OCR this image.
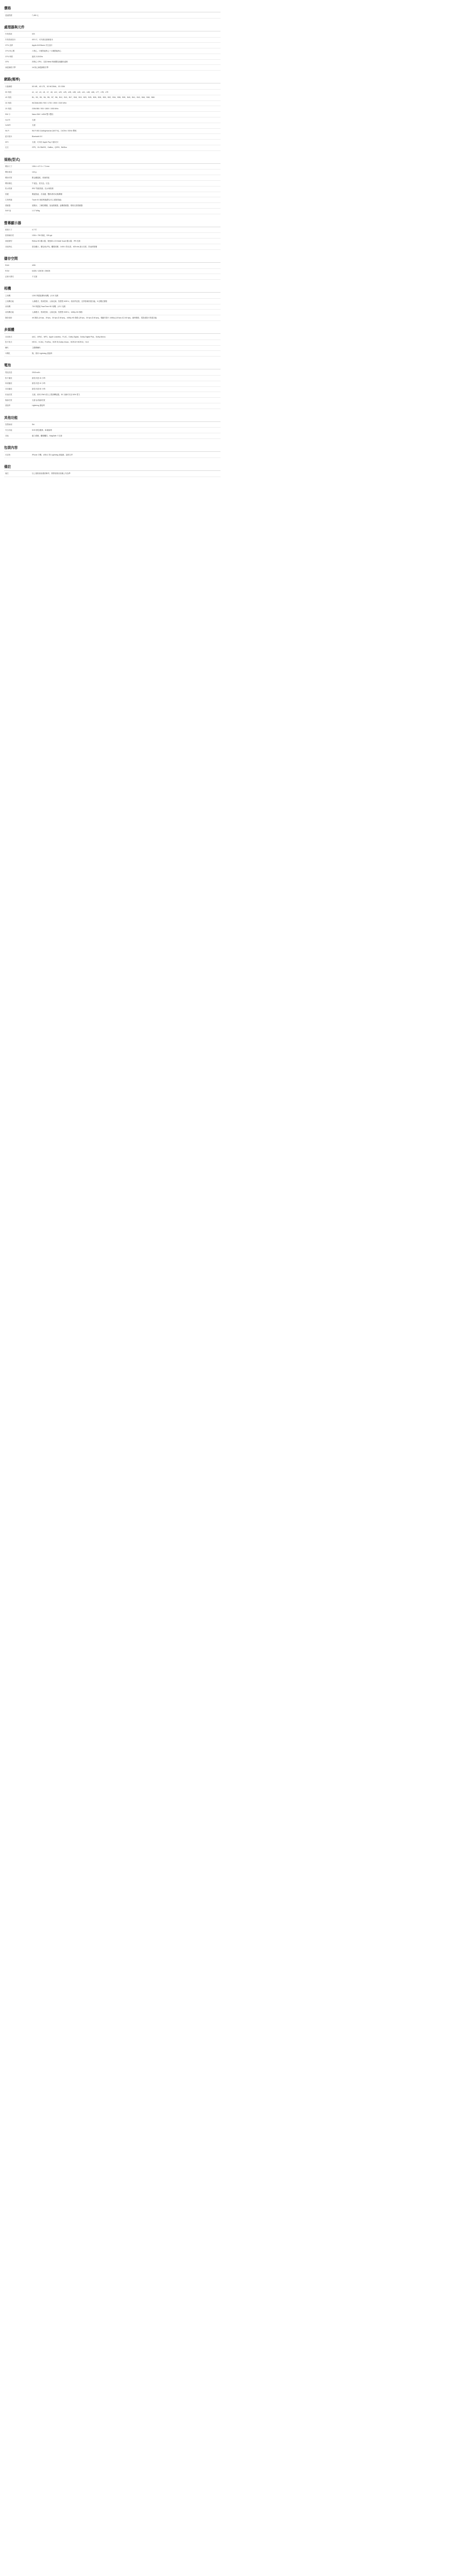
價格
建議售價	7,490 元
處理器與元件
作業系統	iOS
作業系統版本	iOS 17，可升級至最新版本
CPU 品牌	Apple A15 Bionic 仿生晶片
CPU 核心數	六核心，2 顆效能核心 + 4 顆節能核心
CPU 時脈	最高 3.23GHz
GPU	四核心 GPU，支援 Metal 與硬體加速圖形處理
神經網路引擎	16 核心神經網路引擎
網路(頻率)
行動網路	5G NR、4G LTE、3G WCDMA、2G GSM
5G 頻段	n1、n2、n3、n5、n7、n8、n12、n20、n25、n28、n38、n40、n41、n48、n66、n77、n78、n79
4G 頻段	B1、B2、B3、B4、B5、B7、B8、B12、B13、B17、B18、B19、B20、B25、B26、B28、B30、B32、B34、B38、B39、B40、B41、B42、B46、B48、B66
3G 頻段	WCDMA 850 / 900 / 1700 / 1900 / 2100 MHz
2G 頻段	GSM 850 / 900 / 1800 / 1900 MHz
SIM 卡	Nano-SIM + eSIM 雙卡雙待
VoLTE	支援
VoWiFi	支援
Wi-Fi	Wi-Fi 802.11a/b/g/n/ac/ax (Wi-Fi 6)，2.4GHz / 5GHz 雙頻
藍牙版本	Bluetooth 5.0
NFC	支援，可用於 Apple Pay 行動支付
定位	GPS、GLONASS、Galileo、QZSS、BeiDou
規格(型式)
機身尺寸	138.4 × 67.3 × 7.3 mm
機身重量	144 g
機身材質	鋁金屬邊框，玻璃背板
機身顏色	午夜色、星光色、紅色
防水防塵	IP67 等級防潑、抗水與防塵
按鍵	側邊按鈕、音量鍵、響鈴/靜音切換開關
生物辨識	Touch ID 指紋辨識(整合於主畫面按鈕)
感應器	氣壓計、三軸陀螺儀、加速感應器、距離感應器、環境光度感應器
SAR 值	1.17 W/kg
螢幕顯示器
螢幕尺寸	4.7 吋
螢幕解析度	1334 × 750 像素，326 ppi
面板類型	Retina HD 顯示器，寬螢幕 LCD Multi-Touch 顯示器，IPS 技術
其他特色	原彩顯示、廣色域 (P3)、觸覺回饋、1400:1 對比度、625 nits 最大亮度、防油漬塗層
儲存空間
RAM	4GB
ROM	64GB / 128GB / 256GB
記憶卡擴充	不支援
相機
主相機	1200 萬畫素廣角相機，ƒ/1.8 光圈
主相機功能	人像模式、景深控制、人像光線、智慧型 HDR 4、原彩閃光燈、光學影像防震功能、5 倍數位變焦
前相機	700 萬畫素 FaceTime HD 相機，ƒ/2.2 光圈
前相機功能	人像模式、景深控制、人像光線、智慧型 HDR 4、1080p HD 錄影
錄影規格	4K 錄影 (24 fps、25 fps、30 fps 或 60 fps)、1080p HD 錄影 (25 fps、30 fps 或 60 fps)、慢動作影片 1080p (120 fps 或 240 fps)、縮時錄影、電影級影片防震功能
多媒體
音訊格式	AAC、APAC、MP3、Apple Lossless、FLAC、Dolby Digital、Dolby Digital Plus、Dolby Atmos
影片格式	HEVC、H.264、ProRes、HDR 與 Dolby Vision、HDR10+/HDR10、HLG
喇叭	立體聲喇叭
耳機孔	無，使用 Lightning 連接埠
電池
電池容量	2018 mAh
影片播放	最長可達 15 小時
串流播放	最長可達 10 小時
音訊播放	最長可達 50 小時
快速充電	支援，使用 20W 或以上電源轉接器，30 分鐘可充至 50% 電力
無線充電	支援 Qi 無線充電
連接埠	Lightning 連接埠
其他功能
智慧助理	Siri
安全功能	SOS 緊急服務、車禍偵測
其他	磁力感應、觸覺觸控、MagSafe 不支援
包裝內容
內容物	iPhone 手機、USB-C 對 Lightning 連接線、說明文件
備註
備註	以上規格資訊僅供參考，實際規格以原廠公布為準
